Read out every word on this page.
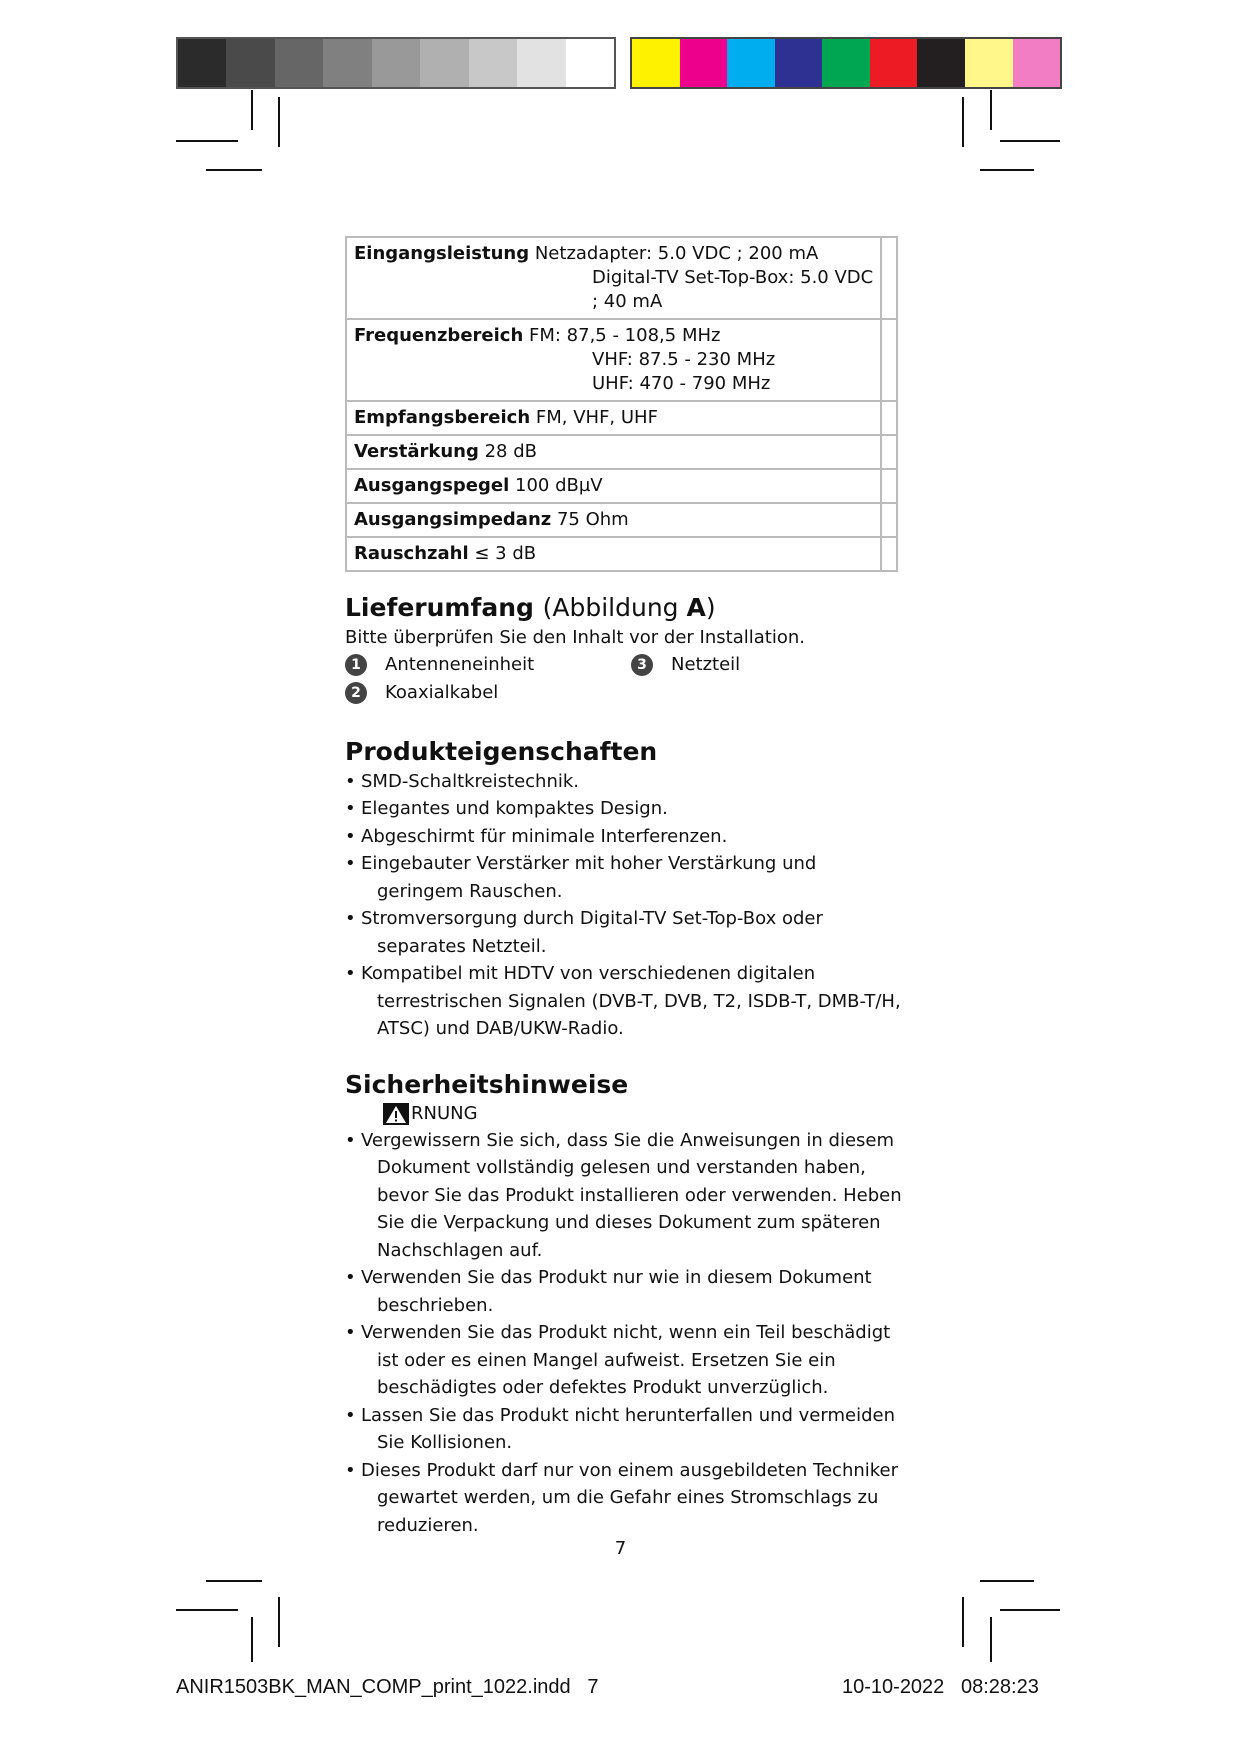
Eingangsleistung Netzadapter: 5.0 VDC ; 200 mA
Digital-TV Set-Top-Box: 5.0 VDC
; 40 mA	

Frequenzbereich FM: 87,5 - 108,5 MHz
VHF: 87.5 - 230 MHz
UHF: 470 - 790 MHz	

Empfangsbereich FM, VHF, UHF	

Verstärkung 28 dB	

Ausgangspegel 100 dBµV	

Ausgangsimpedanz 75 Ohm	

Rauschzahl ≤ 3 dB	

Lieferumfang (Abbildung A)

Bitte überprüfen Sie den Inhalt vor der Installation.

1	Antenneneinheit	3	Netzteil
2	Koaxialkabel
Produkteigenschaften
• SMD-Schaltkreistechnik.
• Elegantes und kompaktes Design.
• Abgeschirmt für minimale Interferenzen.
• Eingebauter Verstärker mit hoher Verstärkung und geringem Rauschen.
• Stromversorgung durch Digital-TV Set-Top-Box oder separates Netzteil.
• Kompatibel mit HDTV von verschiedenen digitalen terrestrischen Signalen (DVB-T, DVB, T2, ISDB-T, DMB-T/H, ATSC) und DAB/UKW-Radio.
Sicherheitshinweise
RNUNG
• Vergewissern Sie sich, dass Sie die Anweisungen in diesem Dokument vollständig gelesen und verstanden haben, bevor Sie das Produkt installieren oder verwenden. Heben Sie die Verpackung und dieses Dokument zum späteren Nachschlagen auf.
• Verwenden Sie das Produkt nur wie in diesem Dokument beschrieben.
• Verwenden Sie das Produkt nicht, wenn ein Teil beschädigt ist oder es einen Mangel aufweist. Ersetzen Sie ein beschädigtes oder defektes Produkt unverzüglich.
• Lassen Sie das Produkt nicht herunterfallen und vermeiden Sie Kollisionen.
• Dieses Produkt darf nur von einem ausgebildeten Techniker gewartet werden, um die Gefahr eines Stromschlags zu reduzieren.
7
ANIR1503BK_MAN_COMP_print_1022.indd 7	10-10-2022 08:28:23
